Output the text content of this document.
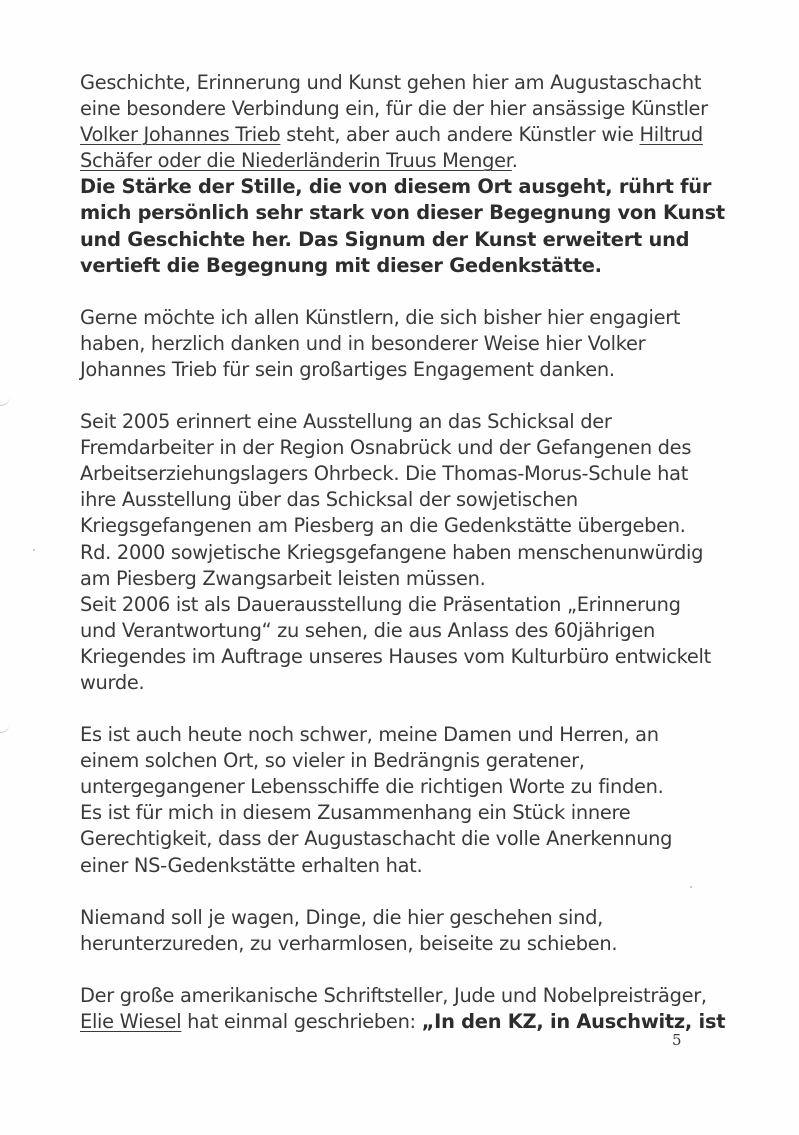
Geschichte, Erinnerung und Kunst gehen hier am Augustaschacht
eine besondere Verbindung ein, für die der hier ansässige Künstler
Volker Johannes Trieb steht, aber auch andere Künstler wie Hiltrud
Schäfer oder die Niederländerin Truus Menger.
Die Stärke der Stille, die von diesem Ort ausgeht, rührt für
mich persönlich sehr stark von dieser Begegnung von Kunst
und Geschichte her. Das Signum der Kunst erweitert und
vertieft die Begegnung mit dieser Gedenkstätte.
Gerne möchte ich allen Künstlern, die sich bisher hier engagiert
haben, herzlich danken und in besonderer Weise hier Volker
Johannes Trieb für sein großartiges Engagement danken.
Seit 2005 erinnert eine Ausstellung an das Schicksal der
Fremdarbeiter in der Region Osnabrück und der Gefangenen des
Arbeitserziehungslagers Ohrbeck. Die Thomas-Morus-Schule hat
ihre Ausstellung über das Schicksal der sowjetischen
Kriegsgefangenen am Piesberg an die Gedenkstätte übergeben.
Rd. 2000 sowjetische Kriegsgefangene haben menschenunwürdig
am Piesberg Zwangsarbeit leisten müssen.
Seit 2006 ist als Dauerausstellung die Präsentation „Erinnerung
und Verantwortung“ zu sehen, die aus Anlass des 60jährigen
Kriegendes im Auftrage unseres Hauses vom Kulturbüro entwickelt
wurde.
Es ist auch heute noch schwer, meine Damen und Herren, an
einem solchen Ort, so vieler in Bedrängnis geratener,
untergegangener Lebensschiffe die richtigen Worte zu finden.
Es ist für mich in diesem Zusammenhang ein Stück innere
Gerechtigkeit, dass der Augustaschacht die volle Anerkennung
einer NS-Gedenkstätte erhalten hat.
Niemand soll je wagen, Dinge, die hier geschehen sind,
herunterzureden, zu verharmlosen, beiseite zu schieben.
Der große amerikanische Schriftsteller, Jude und Nobelpreisträger,
Elie Wiesel hat einmal geschrieben: „In den KZ, in Auschwitz, ist
5
